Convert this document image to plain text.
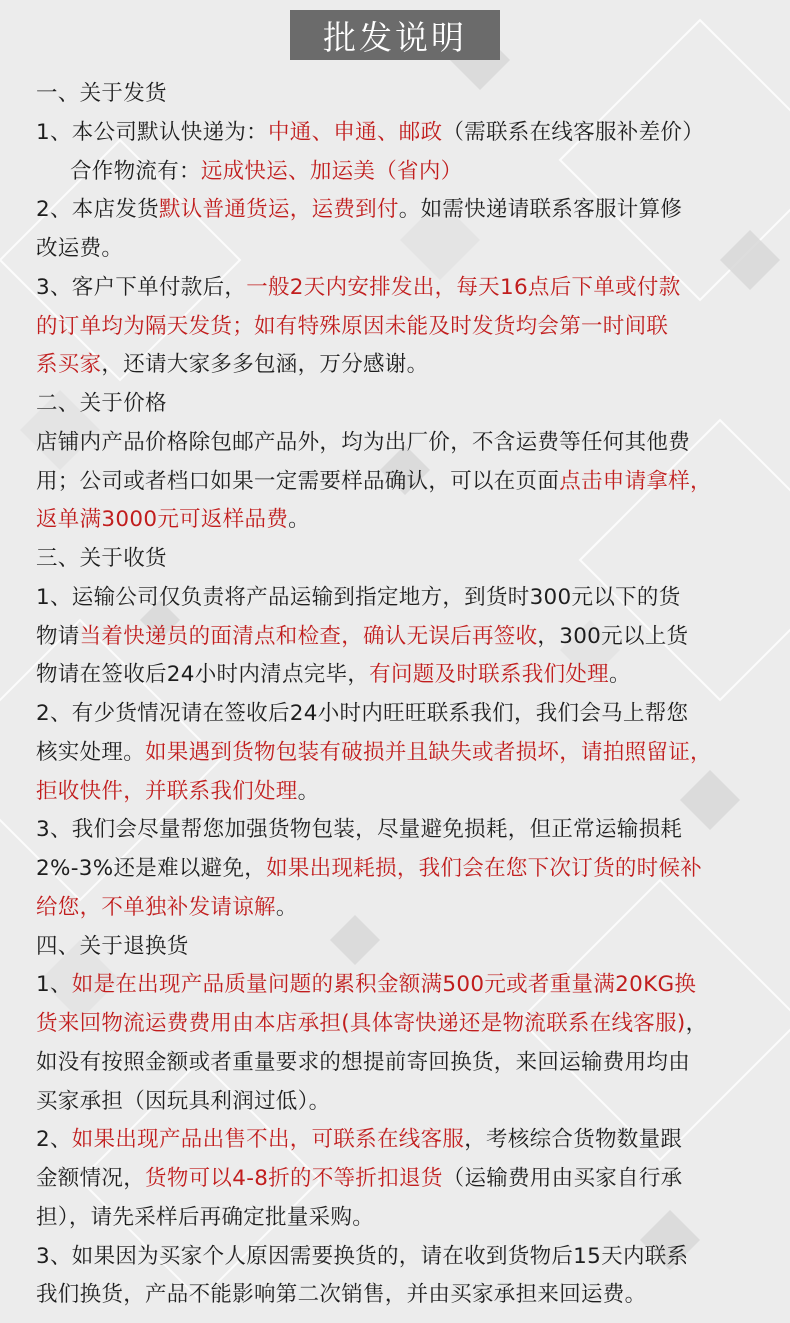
批发说明
一、关于发货
1、本公司默认快递为：中通、申通、邮政（需联系在线客服补差价）
合作物流有：远成快运、加运美（省内）
2、本店发货默认普通货运，运费到付。如需快递请联系客服计算修
改运费。
3、客户下单付款后，一般2天内安排发出，每天16点后下单或付款
的订单均为隔天发货；如有特殊原因未能及时发货均会第一时间联
系买家，还请大家多多包涵，万分感谢。
二、关于价格
店铺内产品价格除包邮产品外，均为出厂价，不含运费等任何其他费
用；公司或者档口如果一定需要样品确认，可以在页面点击申请拿样，
返单满3000元可返样品费。
三、关于收货
1、运输公司仅负责将产品运输到指定地方，到货时300元以下的货
物请当着快递员的面清点和检查，确认无误后再签收，300元以上货
物请在签收后24小时内清点完毕，有问题及时联系我们处理。
2、有少货情况请在签收后24小时内旺旺联系我们，我们会马上帮您
核实处理。如果遇到货物包装有破损并且缺失或者损坏，请拍照留证，
拒收快件，并联系我们处理。
3、我们会尽量帮您加强货物包装，尽量避免损耗，但正常运输损耗
2%-3%还是难以避免，如果出现耗损，我们会在您下次订货的时候补
给您，不单独补发请谅解。
四、关于退换货
1、如是在出现产品质量问题的累积金额满500元或者重量满20KG换
货来回物流运费费用由本店承担(具体寄快递还是物流联系在线客服)，
如没有按照金额或者重量要求的想提前寄回换货，来回运输费用均由
买家承担（因玩具利润过低）。
2、如果出现产品出售不出，可联系在线客服，考核综合货物数量跟
金额情况，货物可以4-8折的不等折扣退货（运输费用由买家自行承
担），请先采样后再确定批量采购。
3、如果因为买家个人原因需要换货的，请在收到货物后15天内联系
我们换货，产品不能影响第二次销售，并由买家承担来回运费。
